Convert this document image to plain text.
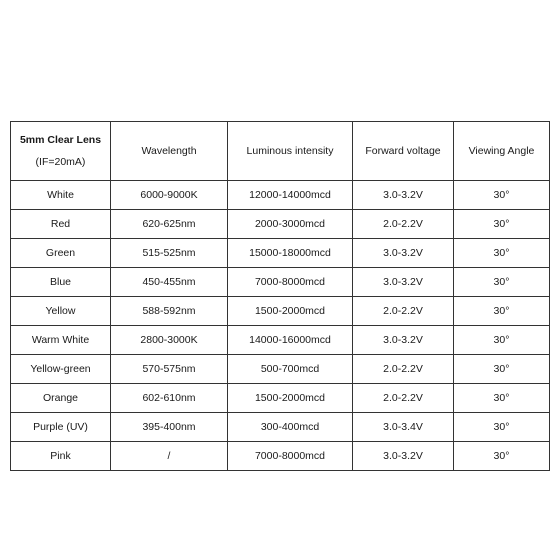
5mm Clear Lens
(IF=20mA)	Wavelength	Luminous intensity	Forward voltage	Viewing Angle
White	6000-9000K	12000-14000mcd	3.0-3.2V	30°
Red	620-625nm	2000-3000mcd	2.0-2.2V	30°
Green	515-525nm	15000-18000mcd	3.0-3.2V	30°
Blue	450-455nm	7000-8000mcd	3.0-3.2V	30°
Yellow	588-592nm	1500-2000mcd	2.0-2.2V	30°
Warm White	2800-3000K	14000-16000mcd	3.0-3.2V	30°
Yellow-green	570-575nm	500-700mcd	2.0-2.2V	30°
Orange	602-610nm	1500-2000mcd	2.0-2.2V	30°
Purple (UV)	395-400nm	300-400mcd	3.0-3.4V	30°
Pink	/	7000-8000mcd	3.0-3.2V	30°
